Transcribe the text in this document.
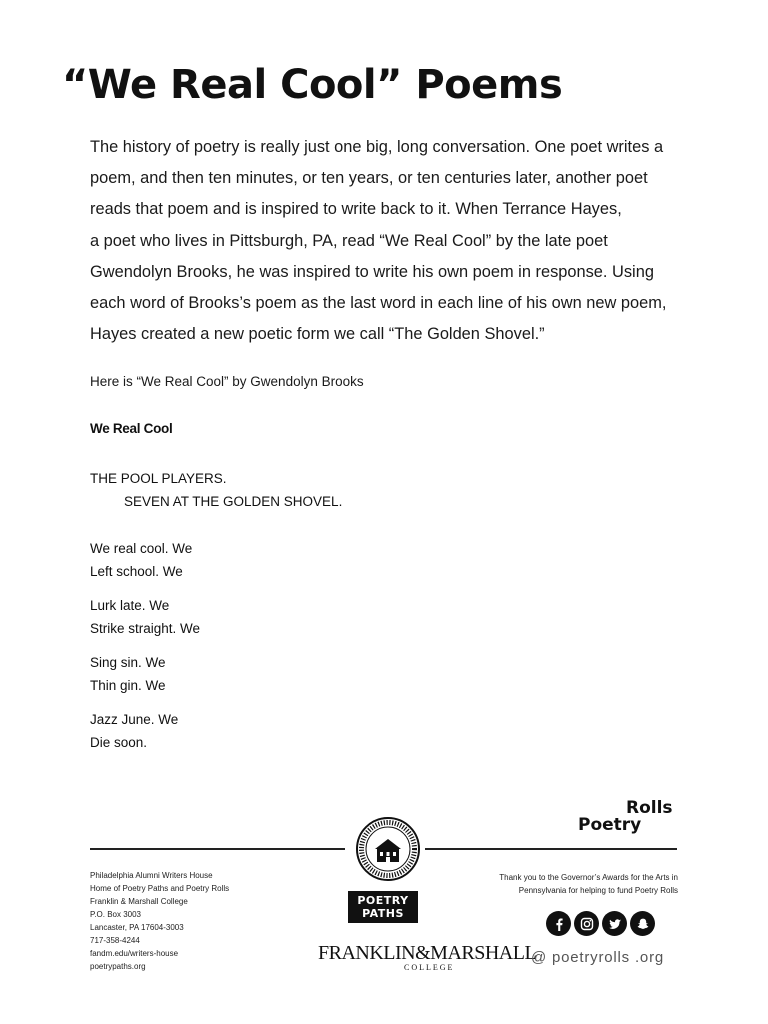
“We Real Cool” Poems

The history of poetry is really just one big, long conversation. One poet writes a
poem, and then ten minutes, or ten years, or ten centuries later, another poet
reads that poem and is inspired to write back to it. When Terrance Hayes,
a poet who lives in Pittsburgh, PA, read “We Real Cool” by the late poet
Gwendolyn Brooks, he was inspired to write his own poem in response. Using
each word of Brooks’s poem as the last word in each line of his own new poem,
Hayes created a new poetic form we call “The Golden Shovel.”

Here is “We Real Cool” by Gwendolyn Brooks

We Real Cool

THE POOL PLAYERS.
SEVEN AT THE GOLDEN SHOVEL.

We real cool. We
Left school. We

Lurk late. We
Strike straight. We

Sing sin. We
Thin gin. We

Jazz June. We
Die soon.

Rolls

Poetry

POETRY
PATHS

FRANKLIN&MARSHALL

COLLEGE

Philadelphia Alumni Writers House
Home of Poetry Paths and Poetry Rolls
Franklin & Marshall College
P.O. Box 3003
Lancaster, PA 17604-3003
717-358-4244
fandm.edu/writers-house
poetrypaths.org

Thank you to the Governor’s Awards for the Arts in
Pennsylvania for helping to fund Poetry Rolls

@ poetryrolls .org
